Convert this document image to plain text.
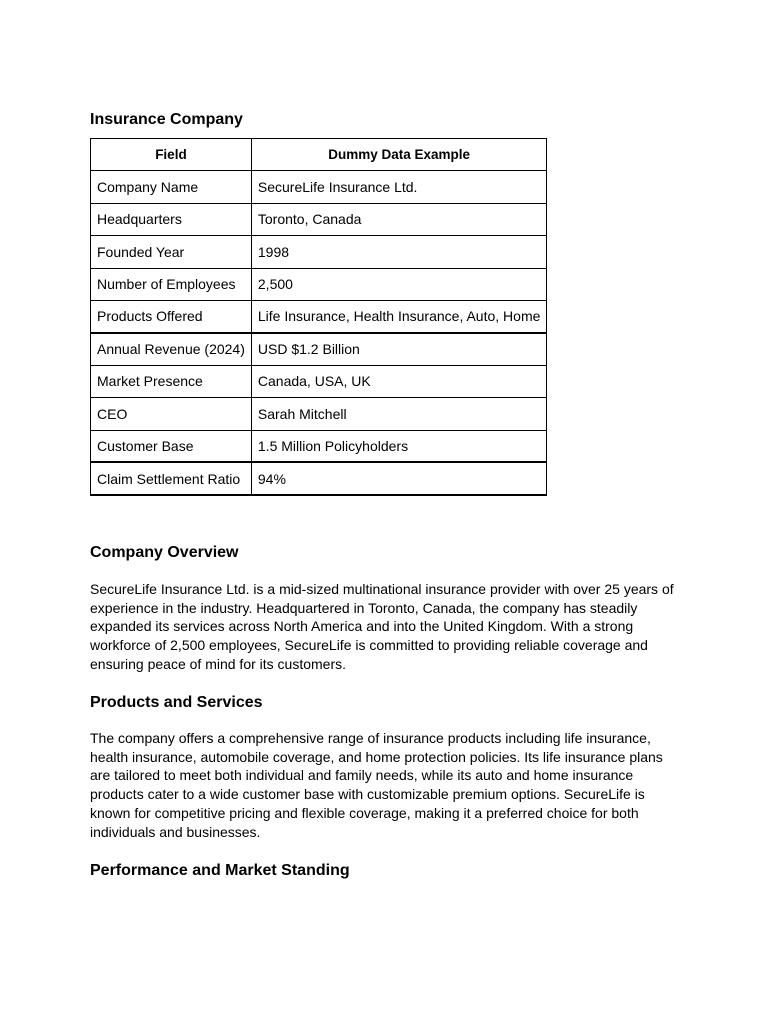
Insurance Company
Field	Dummy Data Example
Company Name	SecureLife Insurance Ltd.
Headquarters	Toronto, Canada
Founded Year	1998
Number of Employees	2,500
Products Offered	Life Insurance, Health Insurance, Auto, Home
Annual Revenue (2024)	USD $1.2 Billion
Market Presence	Canada, USA, UK
CEO	Sarah Mitchell
Customer Base	1.5 Million Policyholders
Claim Settlement Ratio	94%
Company Overview

SecureLife Insurance Ltd. is a mid-sized multinational insurance provider with over 25 years of
experience in the industry. Headquartered in Toronto, Canada, the company has steadily
expanded its services across North America and into the United Kingdom. With a strong
workforce of 2,500 employees, SecureLife is committed to providing reliable coverage and
ensuring peace of mind for its customers.

Products and Services

The company offers a comprehensive range of insurance products including life insurance,
health insurance, automobile coverage, and home protection policies. Its life insurance plans
are tailored to meet both individual and family needs, while its auto and home insurance
products cater to a wide customer base with customizable premium options. SecureLife is
known for competitive pricing and flexible coverage, making it a preferred choice for both
individuals and businesses.

Performance and Market Standing
